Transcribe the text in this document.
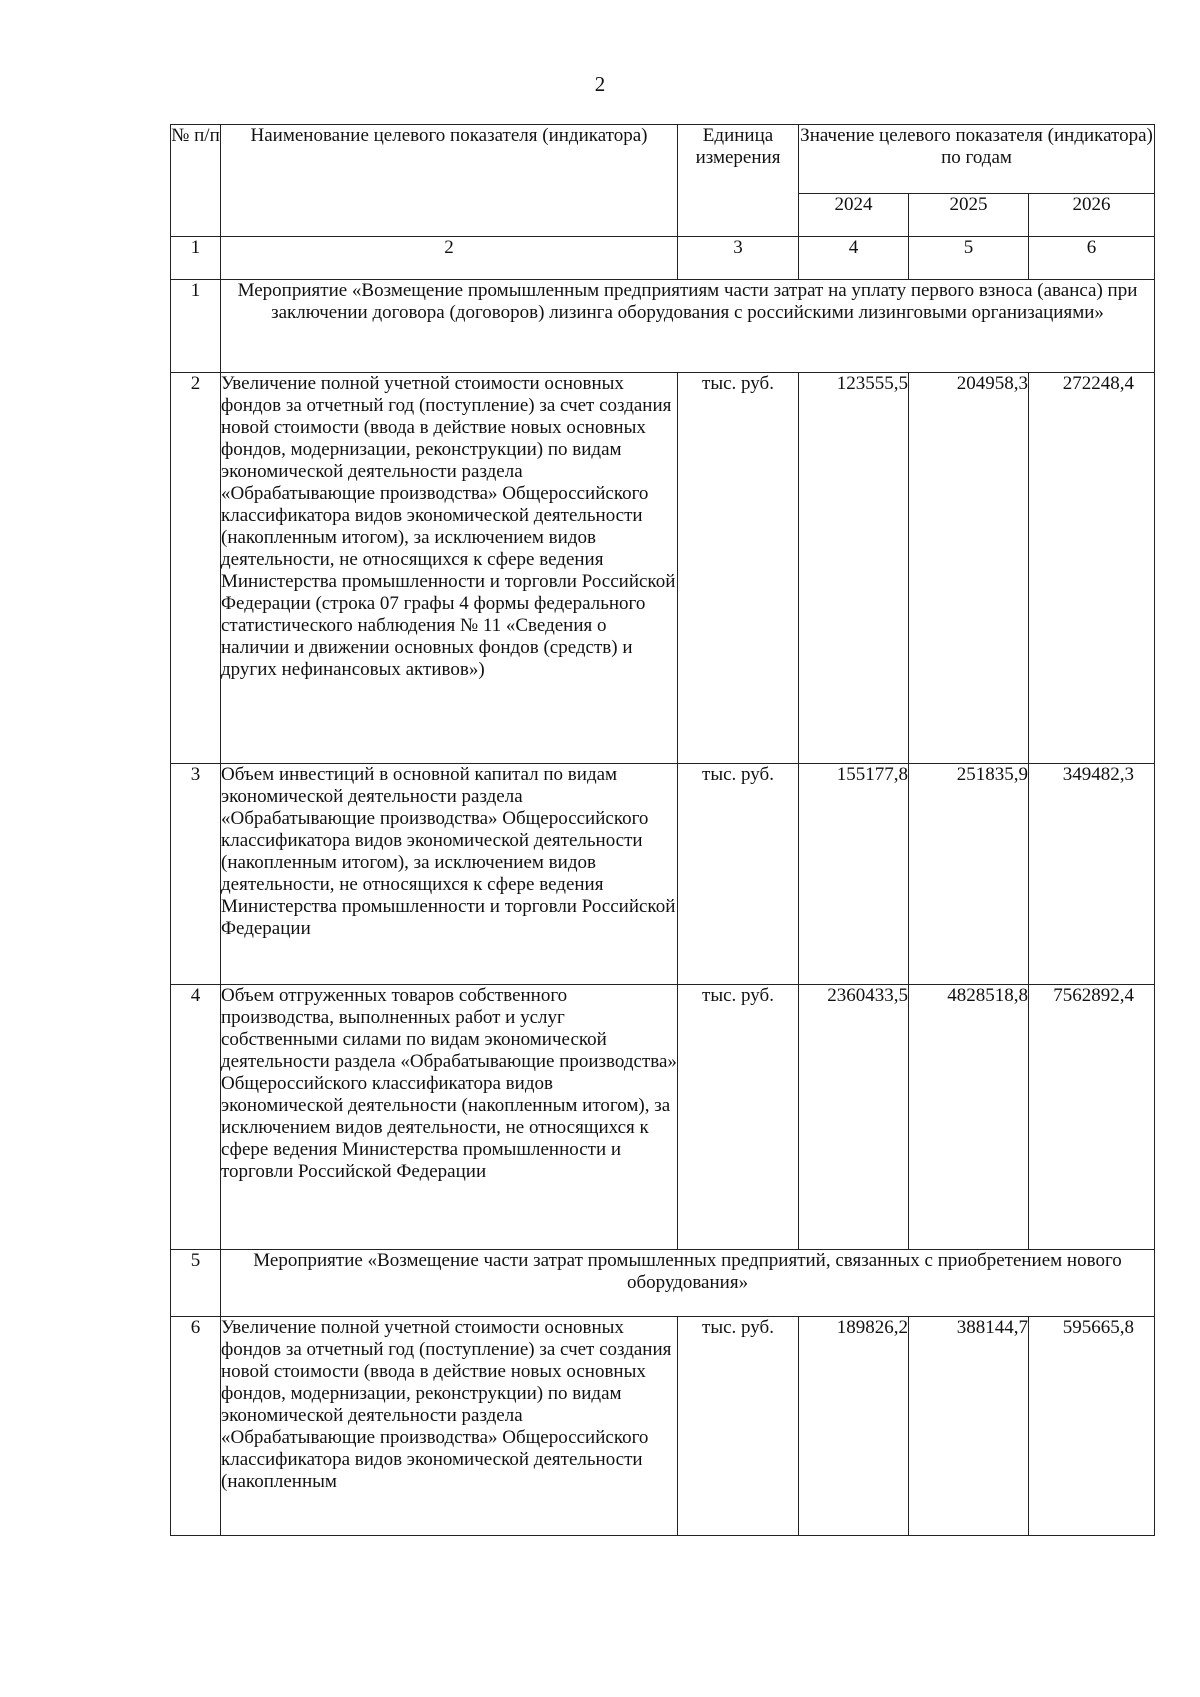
2
№ п/п	Наименование целевого показателя (индикатора)	Единица измерения	Значение целевого показателя (индикатора) по годам		
			2024	2025	2026
1	2	3	4	5	6
1	Мероприятие «Возмещение промышленным предприятиям части затрат на уплату первого взноса (аванса) при заключении договора (договоров) лизинга оборудования с российскими лизинговыми организациями»				
2	Увеличение полной учетной стоимости основных фондов за отчетный год (поступление) за счет создания новой стоимости (ввода в действие новых основных фондов, модернизации, реконструкции) по видам экономической деятельности раздела «Обрабатывающие производства» Общероссийского классификатора видов экономической деятельности (накопленным итогом), за исключением видов деятельности, не относящихся к сфере ведения Министерства промышленности и торговли Российской Федерации (строка 07 графы 4 формы федерального статистического наблюдения № 11 «Сведения о наличии и движении основных фондов (средств) и других нефинансовых активов»)	тыс. руб.	123555,5	204958,3	272248,4
3	Объем инвестиций в основной капитал по видам экономической деятельности раздела «Обрабатывающие производства» Общероссийского классификатора видов экономической деятельности (накопленным итогом), за исключением видов деятельности, не относящихся к сфере ведения Министерства промышленности и торговли Российской Федерации	тыс. руб.	155177,8	251835,9	349482,3
4	Объем отгруженных товаров собственного производства, выполненных работ и услуг собственными силами по видам экономической деятельности раздела «Обрабатывающие производства» Общероссийского классификатора видов экономической деятельности (накопленным итогом), за исключением видов деятельности, не относящихся к сфере ведения Министерства промышленности и торговли Российской Федерации	тыс. руб.	2360433,5	4828518,8	7562892,4
5	Мероприятие «Возмещение части затрат промышленных предприятий, связанных с приобретением нового оборудования»				
6	Увеличение полной учетной стоимости основных фондов за отчетный год (поступление) за счет создания новой стоимости (ввода в действие новых основных фондов, модернизации, реконструкции) по видам экономической деятельности раздела «Обрабатывающие производства» Общероссийского классификатора видов экономической деятельности (накопленным	тыс. руб.	189826,2	388144,7	595665,8
